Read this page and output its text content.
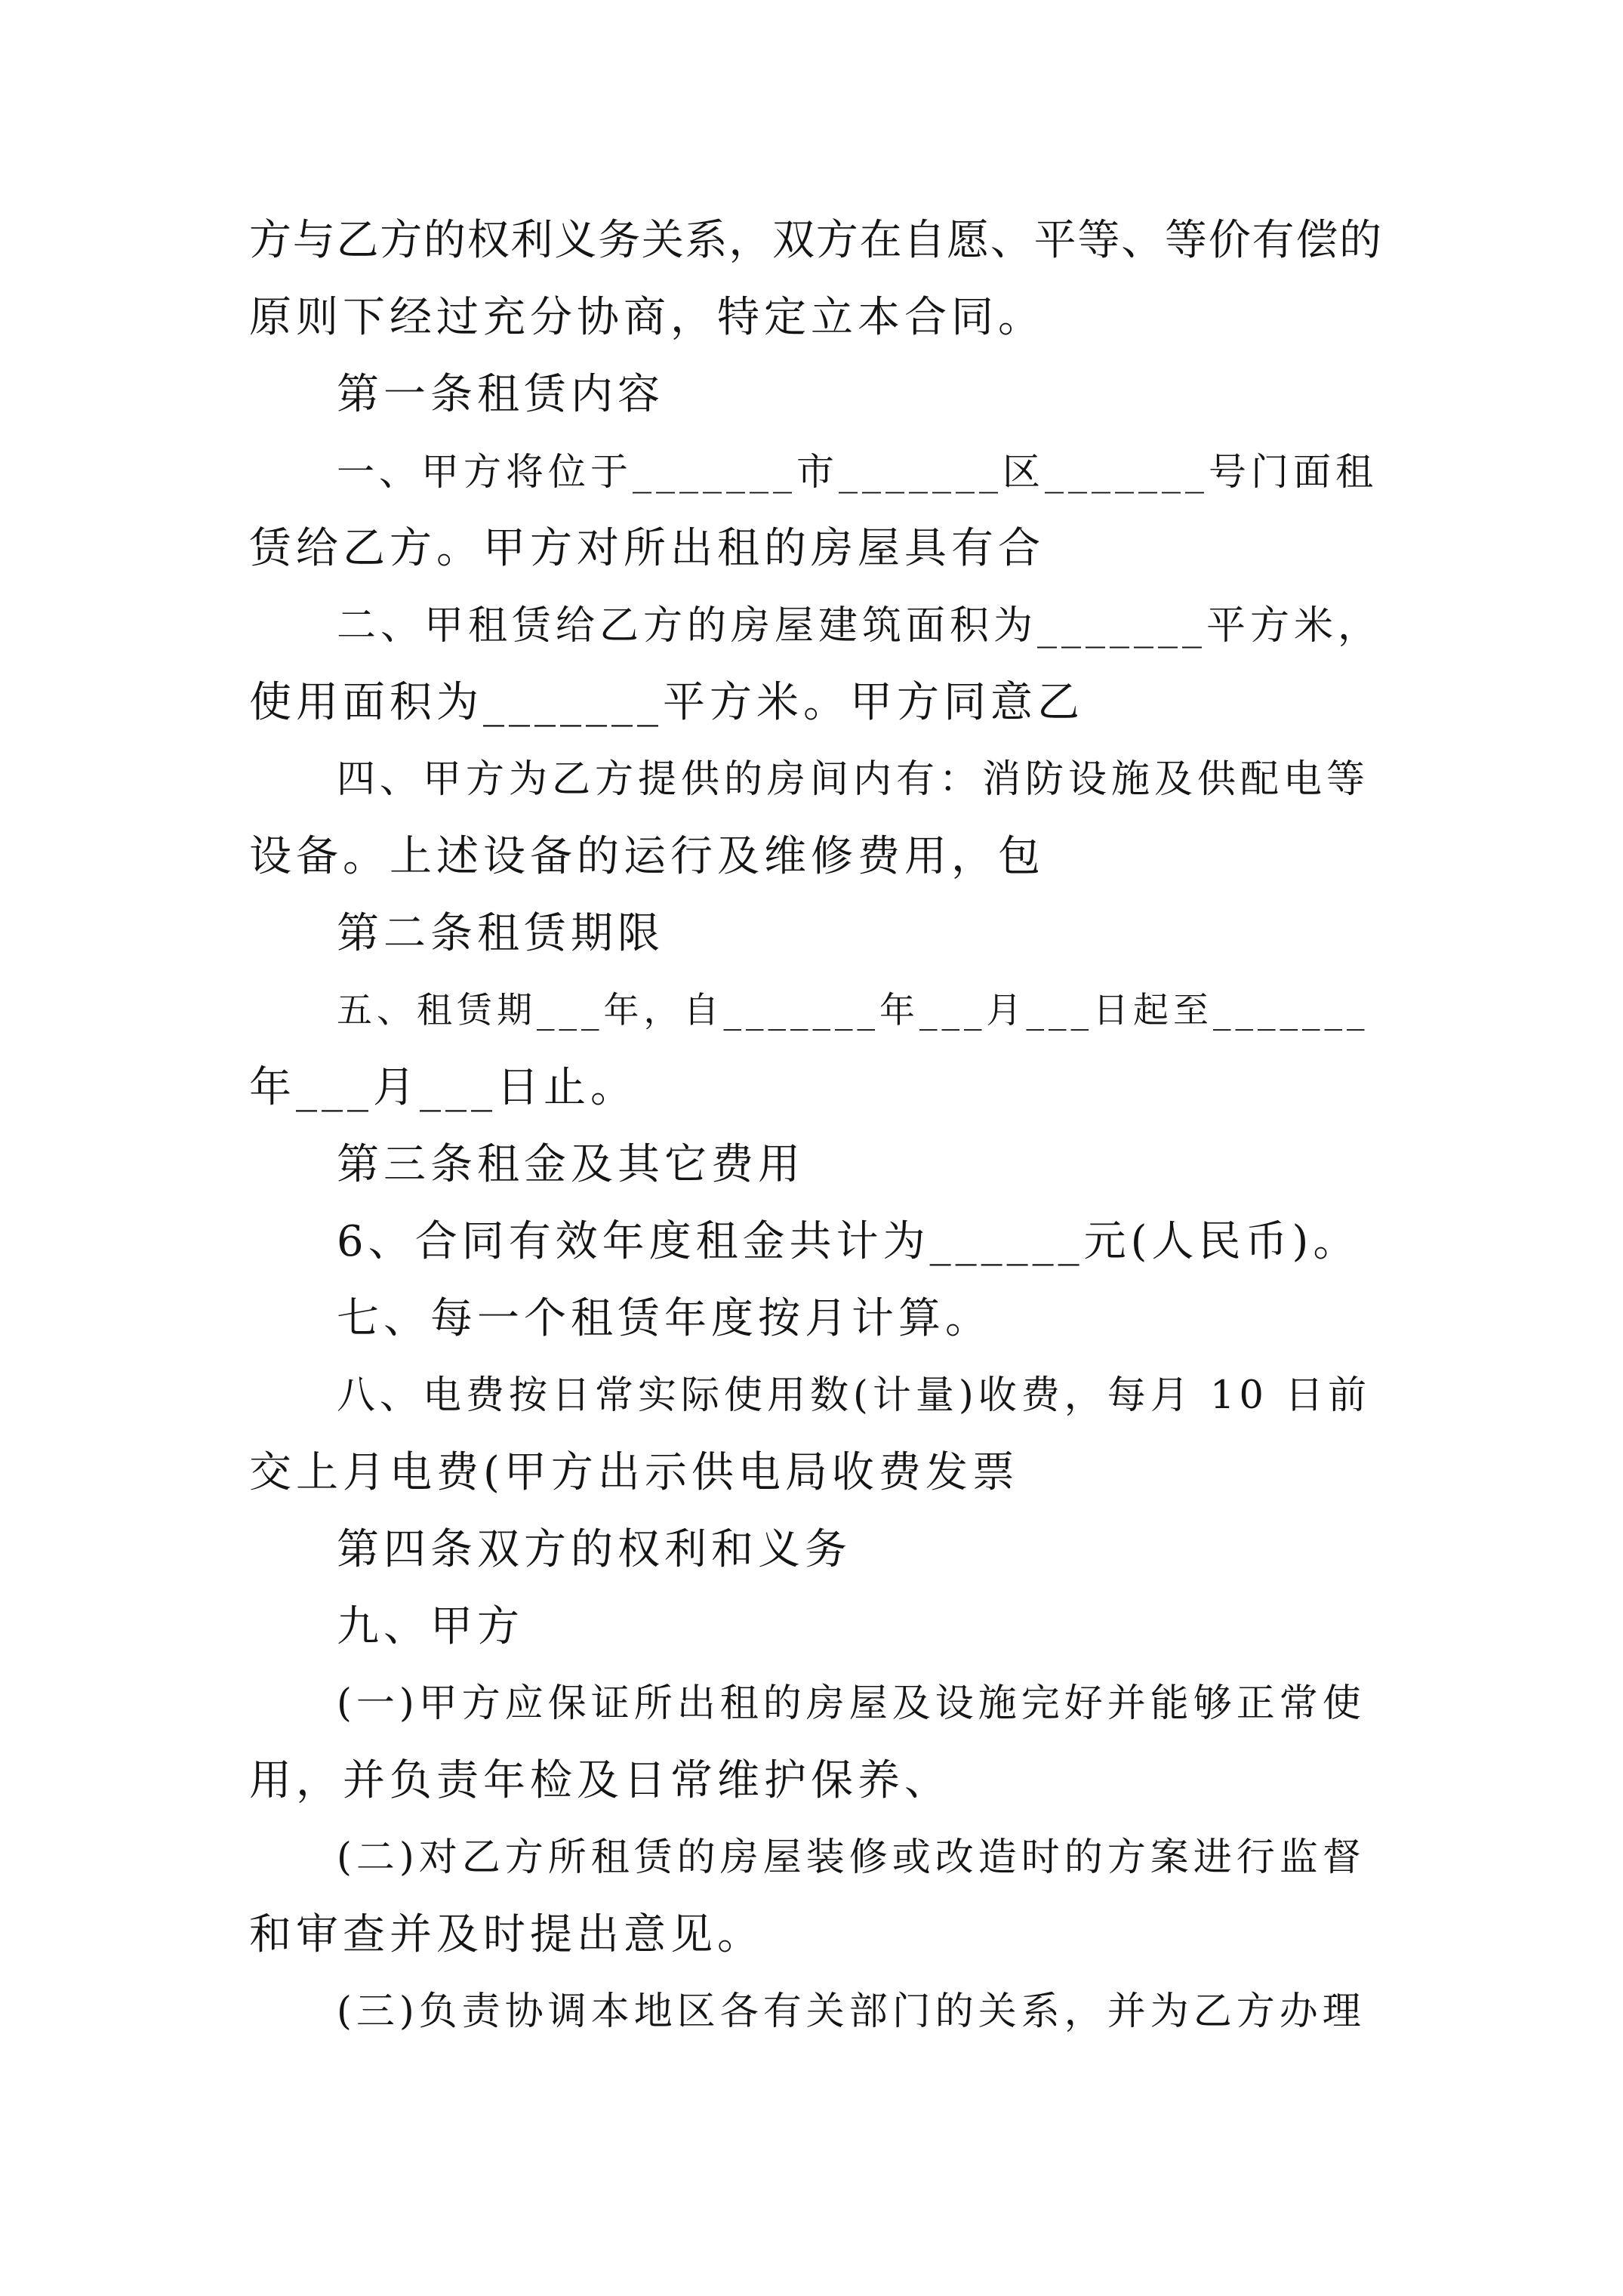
方与乙方的权利义务关系，双方在自愿、平等、等价有偿的
原则下经过充分协商，特定立本合同。
第一条租赁内容
一、甲方将位于_______市_______区_______号门面租
赁给乙方。甲方对所出租的房屋具有合
二、甲租赁给乙方的房屋建筑面积为_______平方米，
使用面积为_______平方米。甲方同意乙
四、甲方为乙方提供的房间内有：消防设施及供配电等
设备。上述设备的运行及维修费用，包
第二条租赁期限
五、租赁期___年，自_______年___月___日起至_______
年___月___日止。
第三条租金及其它费用
6、合同有效年度租金共计为______元(人民币)。
七、每一个租赁年度按月计算。
八、电费按日常实际使用数(计量)收费，每月 10 日前
交上月电费(甲方出示供电局收费发票
第四条双方的权利和义务
九、甲方
(一)甲方应保证所出租的房屋及设施完好并能够正常使
用，并负责年检及日常维护保养、
(二)对乙方所租赁的房屋装修或改造时的方案进行监督
和审查并及时提出意见。
(三)负责协调本地区各有关部门的关系，并为乙方办理
